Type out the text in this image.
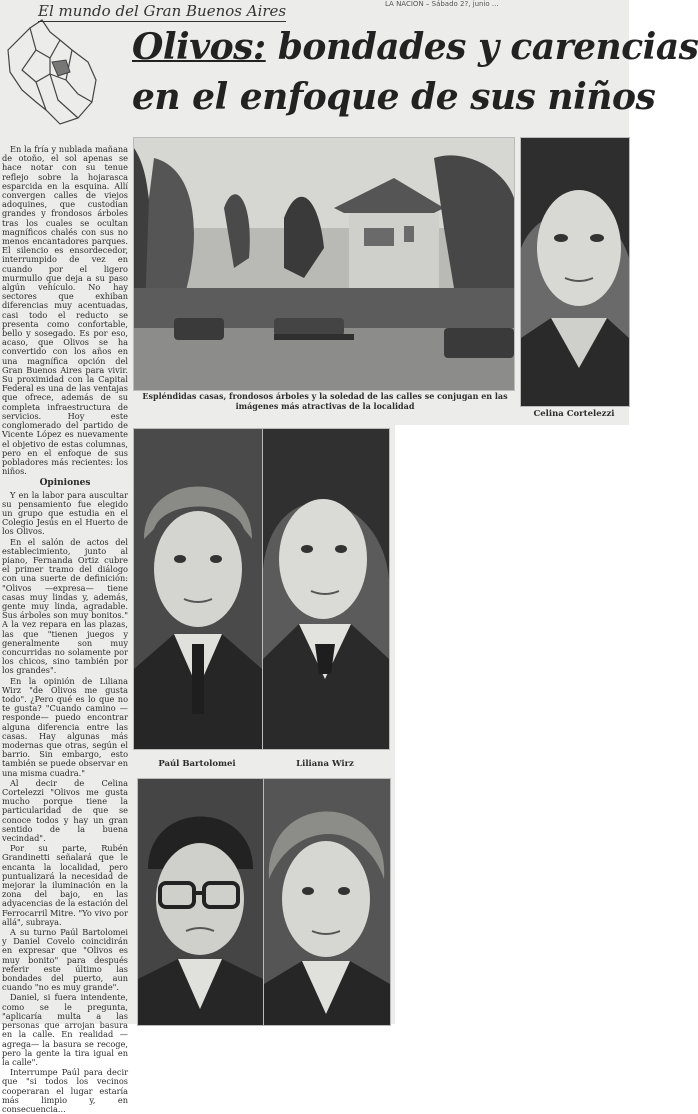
LA NACION – Sábado 2?, junio ...
El mundo del Gran Buenos Aires
Olivos: bondades y carencias
en el enfoque de sus niños

En la fría y nublada mañana de otoño, el sol apenas se hace notar con su tenue reflejo sobre la hojarasca esparcida en la esquina. Allí convergen calles de viejos adoquines, que custodian grandes y frondosos árboles tras los cuales se ocultan magníficos chalés con sus no menos encantadores parques. El silencio es ensordecedor, interrumpido de vez en cuando por el ligero murmullo que deja a su paso algún vehículo. No hay sectores que exhiban diferencias muy acentuadas, casi todo el reducto se presenta como confortable, bello y sosegado. Es por eso, acaso, que Olivos se ha convertido con los años en una magnífica opción del Gran Buenos Aires para vivir. Su proximidad con la Capital Federal es una de las ventajas que ofrece, además de su completa infraestructura de servicios. Hoy este conglomerado del partido de Vicente López es nuevamente el objetivo de estas columnas, pero en el enfoque de sus pobladores más recientes: los niños.

Opiniones

Y en la labor para auscultar su pensamiento fue elegido un grupo que estudia en el Colegio Jesús en el Huerto de los Olivos.

En el salón de actos del establecimiento, junto al piano, Fernanda Ortiz cubre el primer tramo del diálogo con una suerte de definición: "Olivos —expresa— tiene casas muy lindas y, además, gente muy linda, agradable. Sus árboles son muy bonitos." A la vez repara en las plazas, las que "tienen juegos y generalmente son muy concurridas no solamente por los chicos, sino también por los grandes".

En la opinión de Liliana Wirz "de Olivos me gusta todo". ¿Pero qué es lo que no te gusta? "Cuando camino —responde— puedo encontrar alguna diferencia entre las casas. Hay algunas más modernas que otras, según el barrio. Sin embargo, esto también se puede observar en una misma cuadra."

Al decir de Celina Cortelezzi "Olivos me gusta mucho porque tiene la particularidad de que se conoce todos y hay un gran sentido de la buena vecindad".

Por su parte, Rubén Grandinetti señalará que le encanta la localidad, pero puntualizará la necesidad de mejorar la iluminación en la zona del bajo, en las adyacencias de la estación del Ferrocarril Mitre. "Yo vivo por allá", subraya.

A su turno Paúl Bartolomei y Daniel Covelo coincidirán en expresar que "Olivos es muy bonito" para después referir este último las bondades del puerto, aun cuando "no es muy grande".

Daniel, si fuera intendente, como se le pregunta, "aplicaría multa a las personas que arrojan basura en la calle. En realidad —agrega— la basura se recoge, pero la gente la tira igual en la calle".

Interrumpe Paúl para decir que "si todos los vecinos cooperaran el lugar estaría más limpio y, en consecuencia...

Espléndidas casas, frondosos árboles y la soledad de las calles se conjugan en las imágenes más atractivas de la localidad
Celina Cortelezzi
Paúl Bartolomei	Liliana Wirz
